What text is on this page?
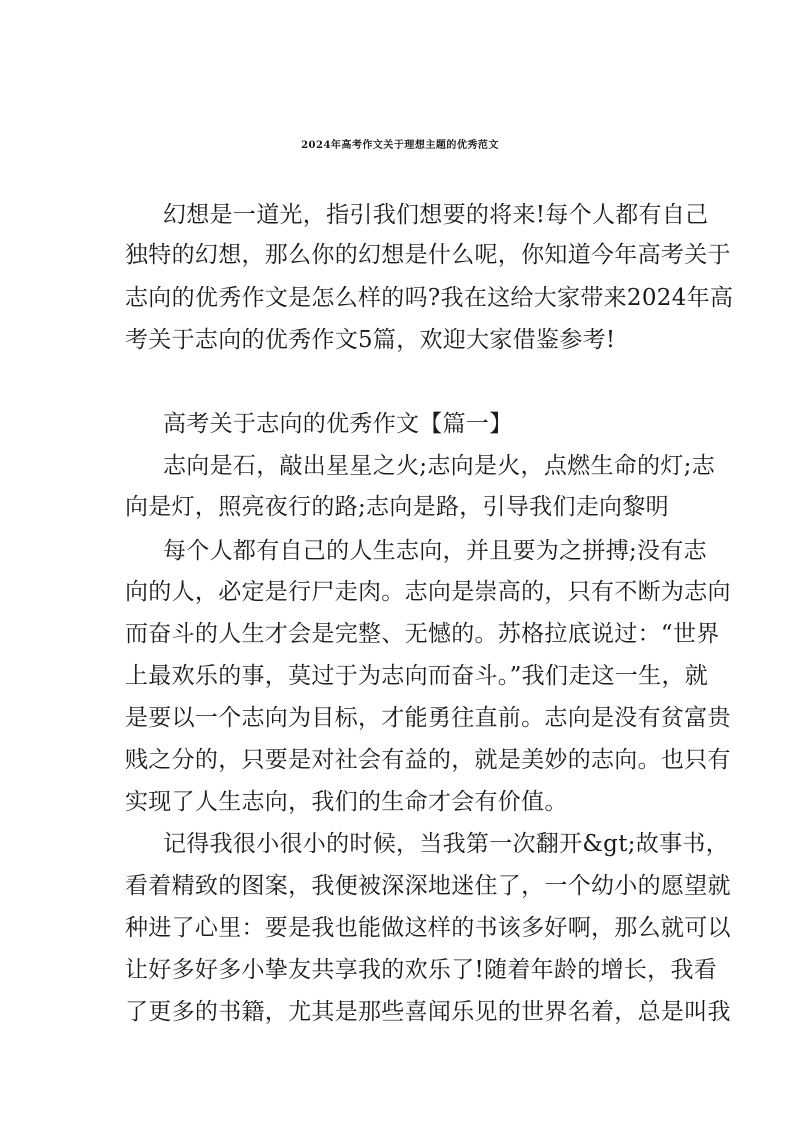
2024年高考作文关于理想主题的优秀范文
幻想是一道光，指引我们想要的将来!每个人都有自己
独特的幻想，那么你的幻想是什么呢，你知道今年高考关于
志向的优秀作文是怎么样的吗?我在这给大家带来2024年高
考关于志向的优秀作文5篇，欢迎大家借鉴参考!
高考关于志向的优秀作文【篇一】
志向是石，敲出星星之火;志向是火，点燃生命的灯;志
向是灯，照亮夜行的路;志向是路，引导我们走向黎明
每个人都有自己的人生志向，并且要为之拼搏;没有志
向的人，必定是行尸走肉。志向是崇高的，只有不断为志向
而奋斗的人生才会是完整、无憾的。苏格拉底说过：“世界
上最欢乐的事，莫过于为志向而奋斗。”我们走这一生，就
是要以一个志向为目标，才能勇往直前。志向是没有贫富贵
贱之分的，只要是对社会有益的，就是美妙的志向。也只有
实现了人生志向，我们的生命才会有价值。
记得我很小很小的时候，当我第一次翻开&gt;故事书，
看着精致的图案，我便被深深地迷住了，一个幼小的愿望就
种进了心里：要是我也能做这样的书该多好啊，那么就可以
让好多好多小挚友共享我的欢乐了!随着年龄的增长，我看
了更多的书籍，尤其是那些喜闻乐见的世界名着，总是叫我
